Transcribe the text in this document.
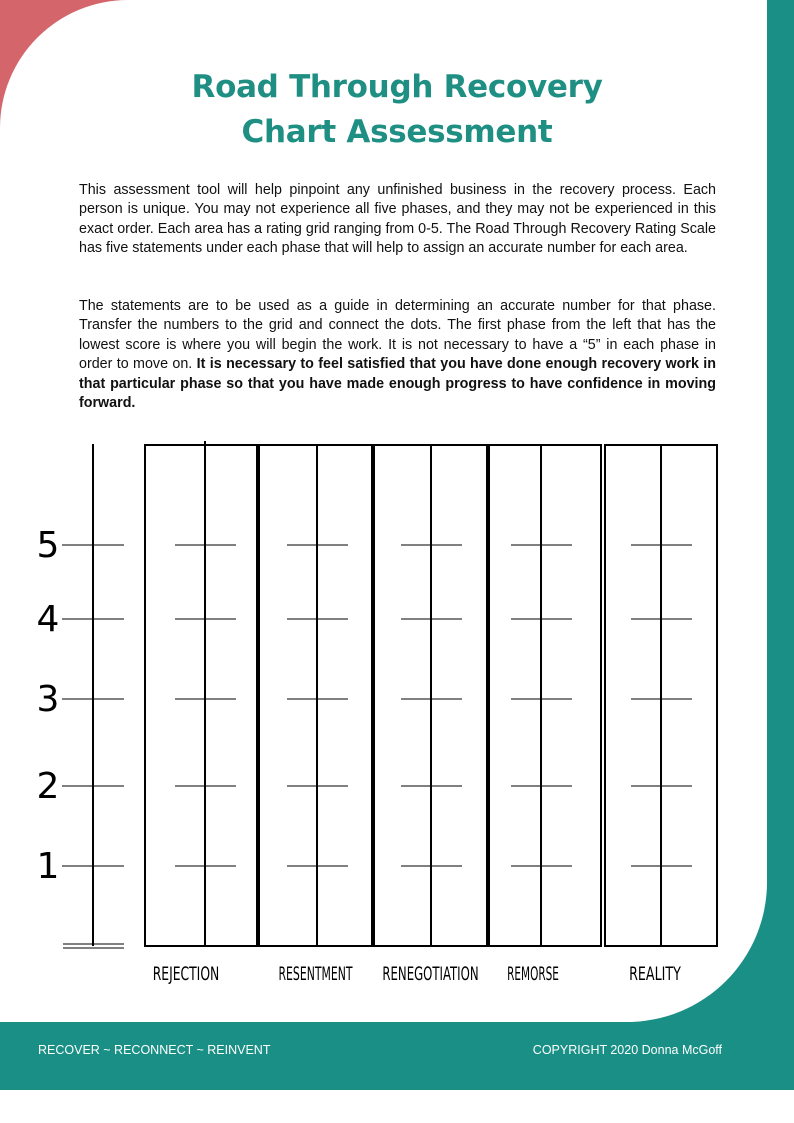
Road Through Recovery
Chart Assessment

This assessment tool will help pinpoint any unfinished business in the recovery process. Each person is unique. You may not experience all five phases, and they may not be experienced in this exact order. Each area has a rating grid ranging from 0-5. The Road Through Recovery Rating Scale has five statements under each phase that will help to assign an accurate number for each area.

The statements are to be used as a guide in determining an accurate number for that phase. Transfer the numbers to the grid and connect the dots. The first phase from the left that has the lowest score is where you will begin the work. It is not necessary to have a “5” in each phase in order to move on. It is necessary to feel satisfied that you have done enough recovery work in that particular phase so that you have made enough progress to have confidence in moving forward.

1
2
3
4
5
REJECTION	RESENTMENT RENEGOTIATION REMORSE	REALITY
RECOVER ~ RECONNECT ~ REINVENT	COPYRIGHT 2020 Donna McGoff
